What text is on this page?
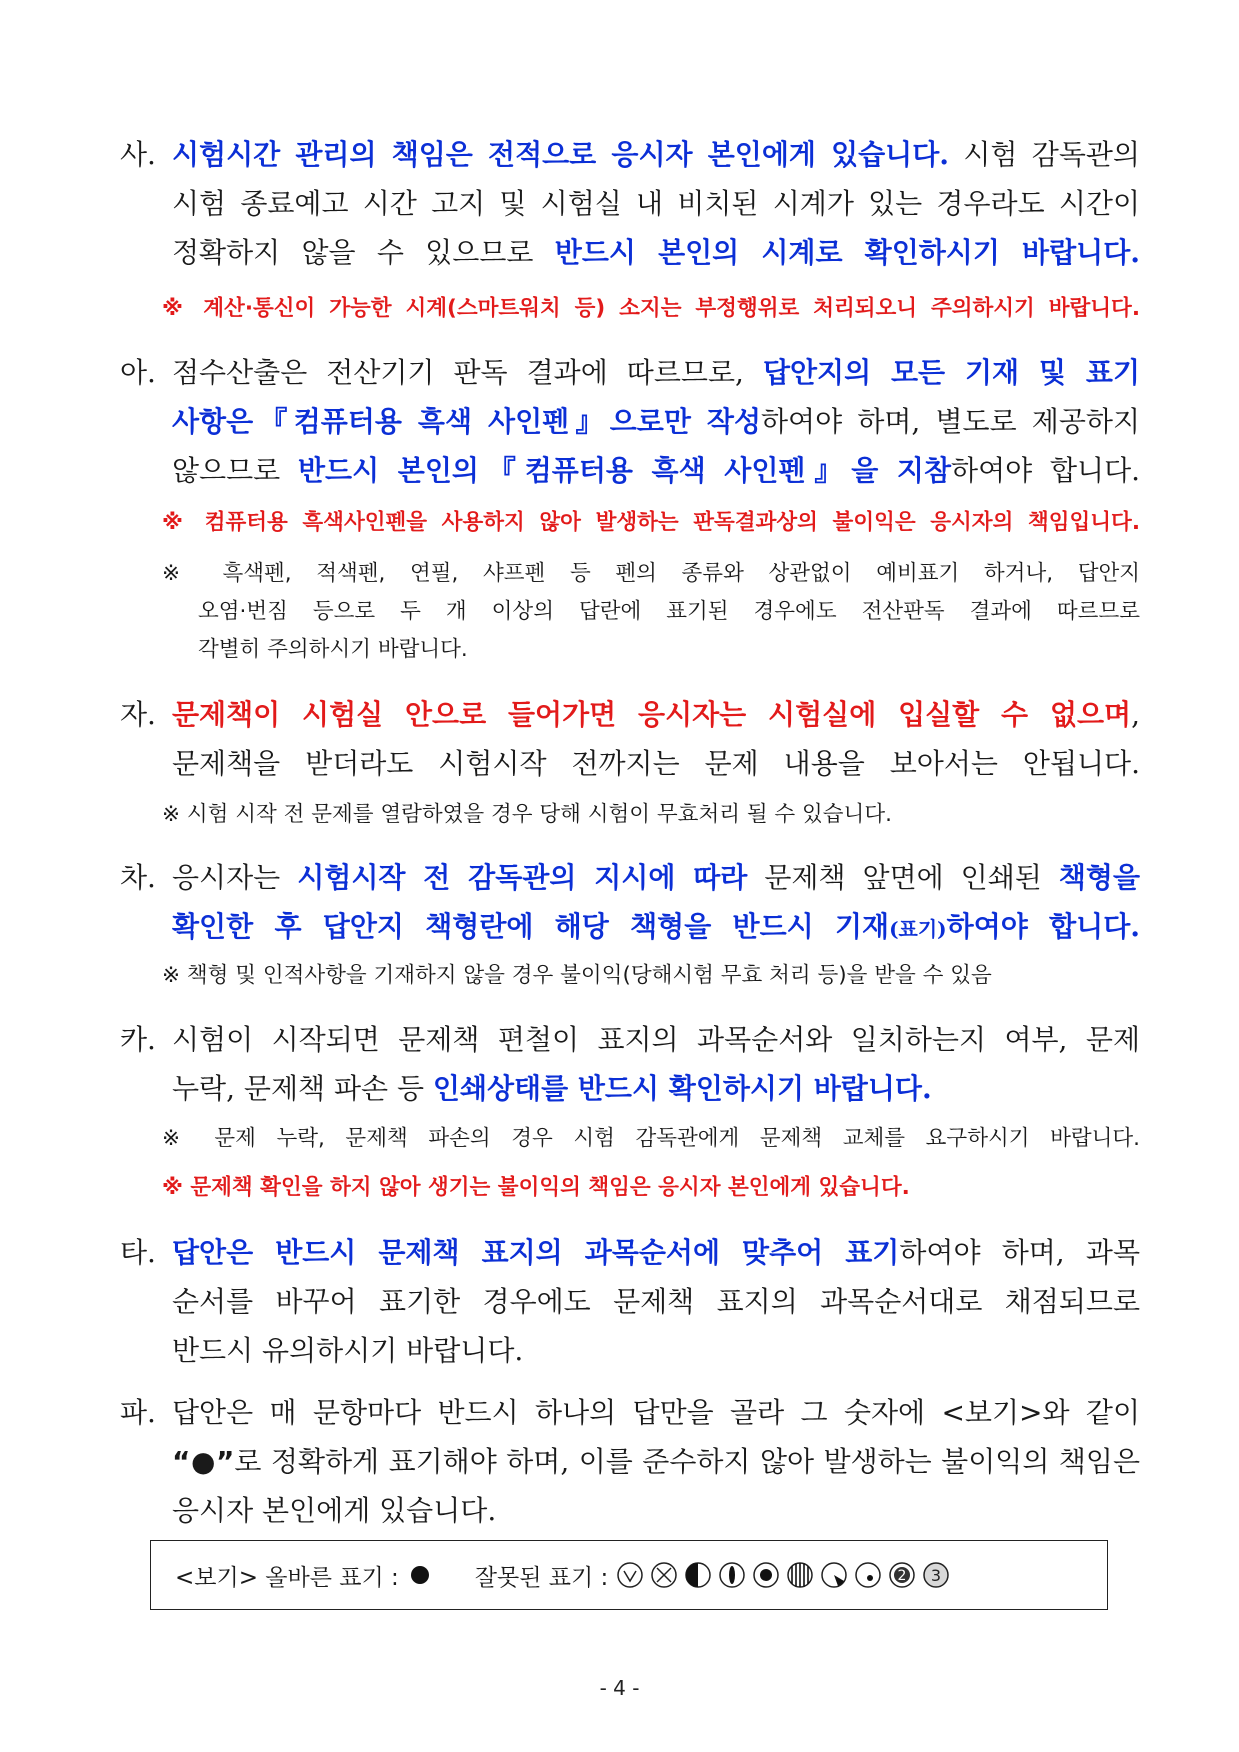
사. 시험시간 관리의 책임은 전적으로 응시자 본인에게 있습니다. 시험 감독관의
시험 종료예고 시간 고지 및 시험실 내 비치된 시계가 있는 경우라도 시간이
정확하지 않을 수 있으므로 반드시 본인의 시계로 확인하시기 바랍니다.
※ 계산·통신이 가능한 시계(스마트워치 등) 소지는 부정행위로 처리되오니 주의하시기 바랍니다.
아. 점수산출은 전산기기 판독 결과에 따르므로, 답안지의 모든 기재 및 표기
사항은『컴퓨터용 흑색 사인펜』으로만 작성하여야 하며, 별도로 제공하지
않으므로 반드시 본인의『컴퓨터용 흑색 사인펜』을 지참하여야 합니다.
※ 컴퓨터용 흑색사인펜을 사용하지 않아 발생하는 판독결과상의 불이익은 응시자의 책임입니다.
※ 흑색펜, 적색펜, 연필, 샤프펜 등 펜의 종류와 상관없이 예비표기 하거나, 답안지
오염·번짐 등으로 두 개 이상의 답란에 표기된 경우에도 전산판독 결과에 따르므로
각별히 주의하시기 바랍니다.
자. 문제책이 시험실 안으로 들어가면 응시자는 시험실에 입실할 수 없으며,
문제책을 받더라도 시험시작 전까지는 문제 내용을 보아서는 안됩니다.
※ 시험 시작 전 문제를 열람하였을 경우 당해 시험이 무효처리 될 수 있습니다.
차. 응시자는 시험시작 전 감독관의 지시에 따라 문제책 앞면에 인쇄된 책형을
확인한 후 답안지 책형란에 해당 책형을 반드시 기재(표기)하여야 합니다.
※ 책형 및 인적사항을 기재하지 않을 경우 불이익(당해시험 무효 처리 등)을 받을 수 있음
카. 시험이 시작되면 문제책 편철이 표지의 과목순서와 일치하는지 여부, 문제
누락, 문제책 파손 등 인쇄상태를 반드시 확인하시기 바랍니다.
※ 문제 누락, 문제책 파손의 경우 시험 감독관에게 문제책 교체를 요구하시기 바랍니다.
※ 문제책 확인을 하지 않아 생기는 불이익의 책임은 응시자 본인에게 있습니다.
타. 답안은 반드시 문제책 표지의 과목순서에 맞추어 표기하여야 하며, 과목
순서를 바꾸어 표기한 경우에도 문제책 표지의 과목순서대로 채점되므로
반드시 유의하시기 바랍니다.
파. 답안은 매 문항마다 반드시 하나의 답만을 골라 그 숫자에 <보기>와 같이
“●”로 정확하게 표기해야 하며, 이를 준수하지 않아 발생하는 불이익의 책임은
응시자 본인에게 있습니다.
<보기> 올바른 표기 :	잘못된 표기 :	2 3
- 4 -
